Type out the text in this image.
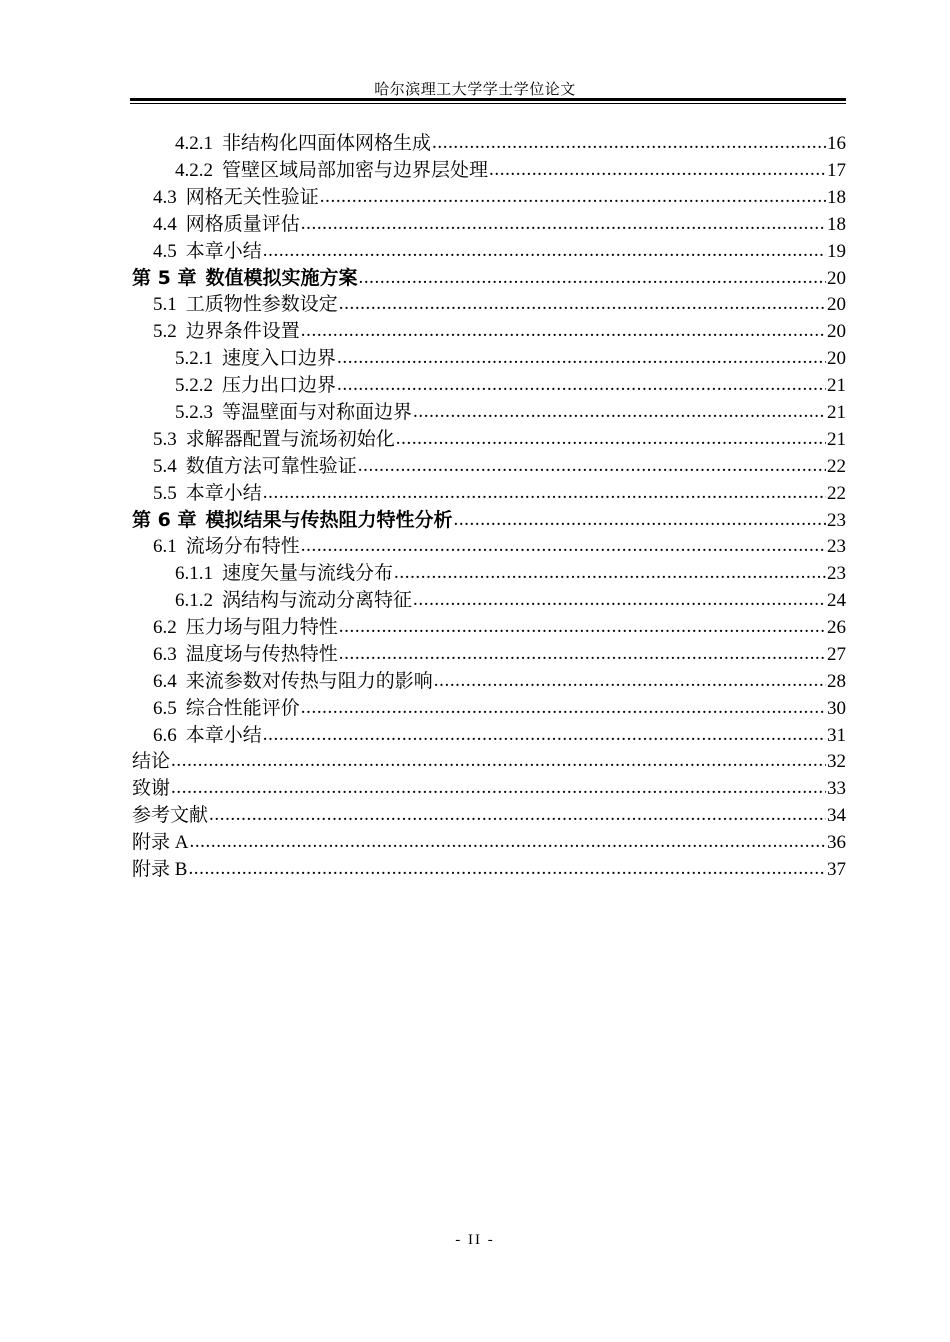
哈尔滨理工大学学士学位论文
4.2.1 非结构化四面体网格生成 .....	16
4.2.2 管壁区域局部加密与边界层处理 .....	17
4.3 网格无关性验证 .....	18
4.4 网格质量评估 .....	18
4.5 本章小结 .....	19
第 5 章 数值模拟实施方案 .....	20
5.1 工质物性参数设定 .....	20
5.2 边界条件设置 .....	20
5.2.1 速度入口边界 .....	20
5.2.2 压力出口边界 .....	21
5.2.3 等温壁面与对称面边界 .....	21
5.3 求解器配置与流场初始化 .....	21
5.4 数值方法可靠性验证 .....	22
5.5 本章小结 .....	22
第 6 章 模拟结果与传热阻力特性分析 .....	23
6.1 流场分布特性 .....	23
6.1.1 速度矢量与流线分布 .....	23
6.1.2 涡结构与流动分离特征 .....	24
6.2 压力场与阻力特性 .....	26
6.3 温度场与传热特性 .....	27
6.4 来流参数对传热与阻力的影响 .....	28
6.5 综合性能评价 .....	30
6.6 本章小结 .....	31
结论 .....	32
致谢 .....	33
参考文献 .....	34
附录 A .....	36
附录 B .....	37
- II -
